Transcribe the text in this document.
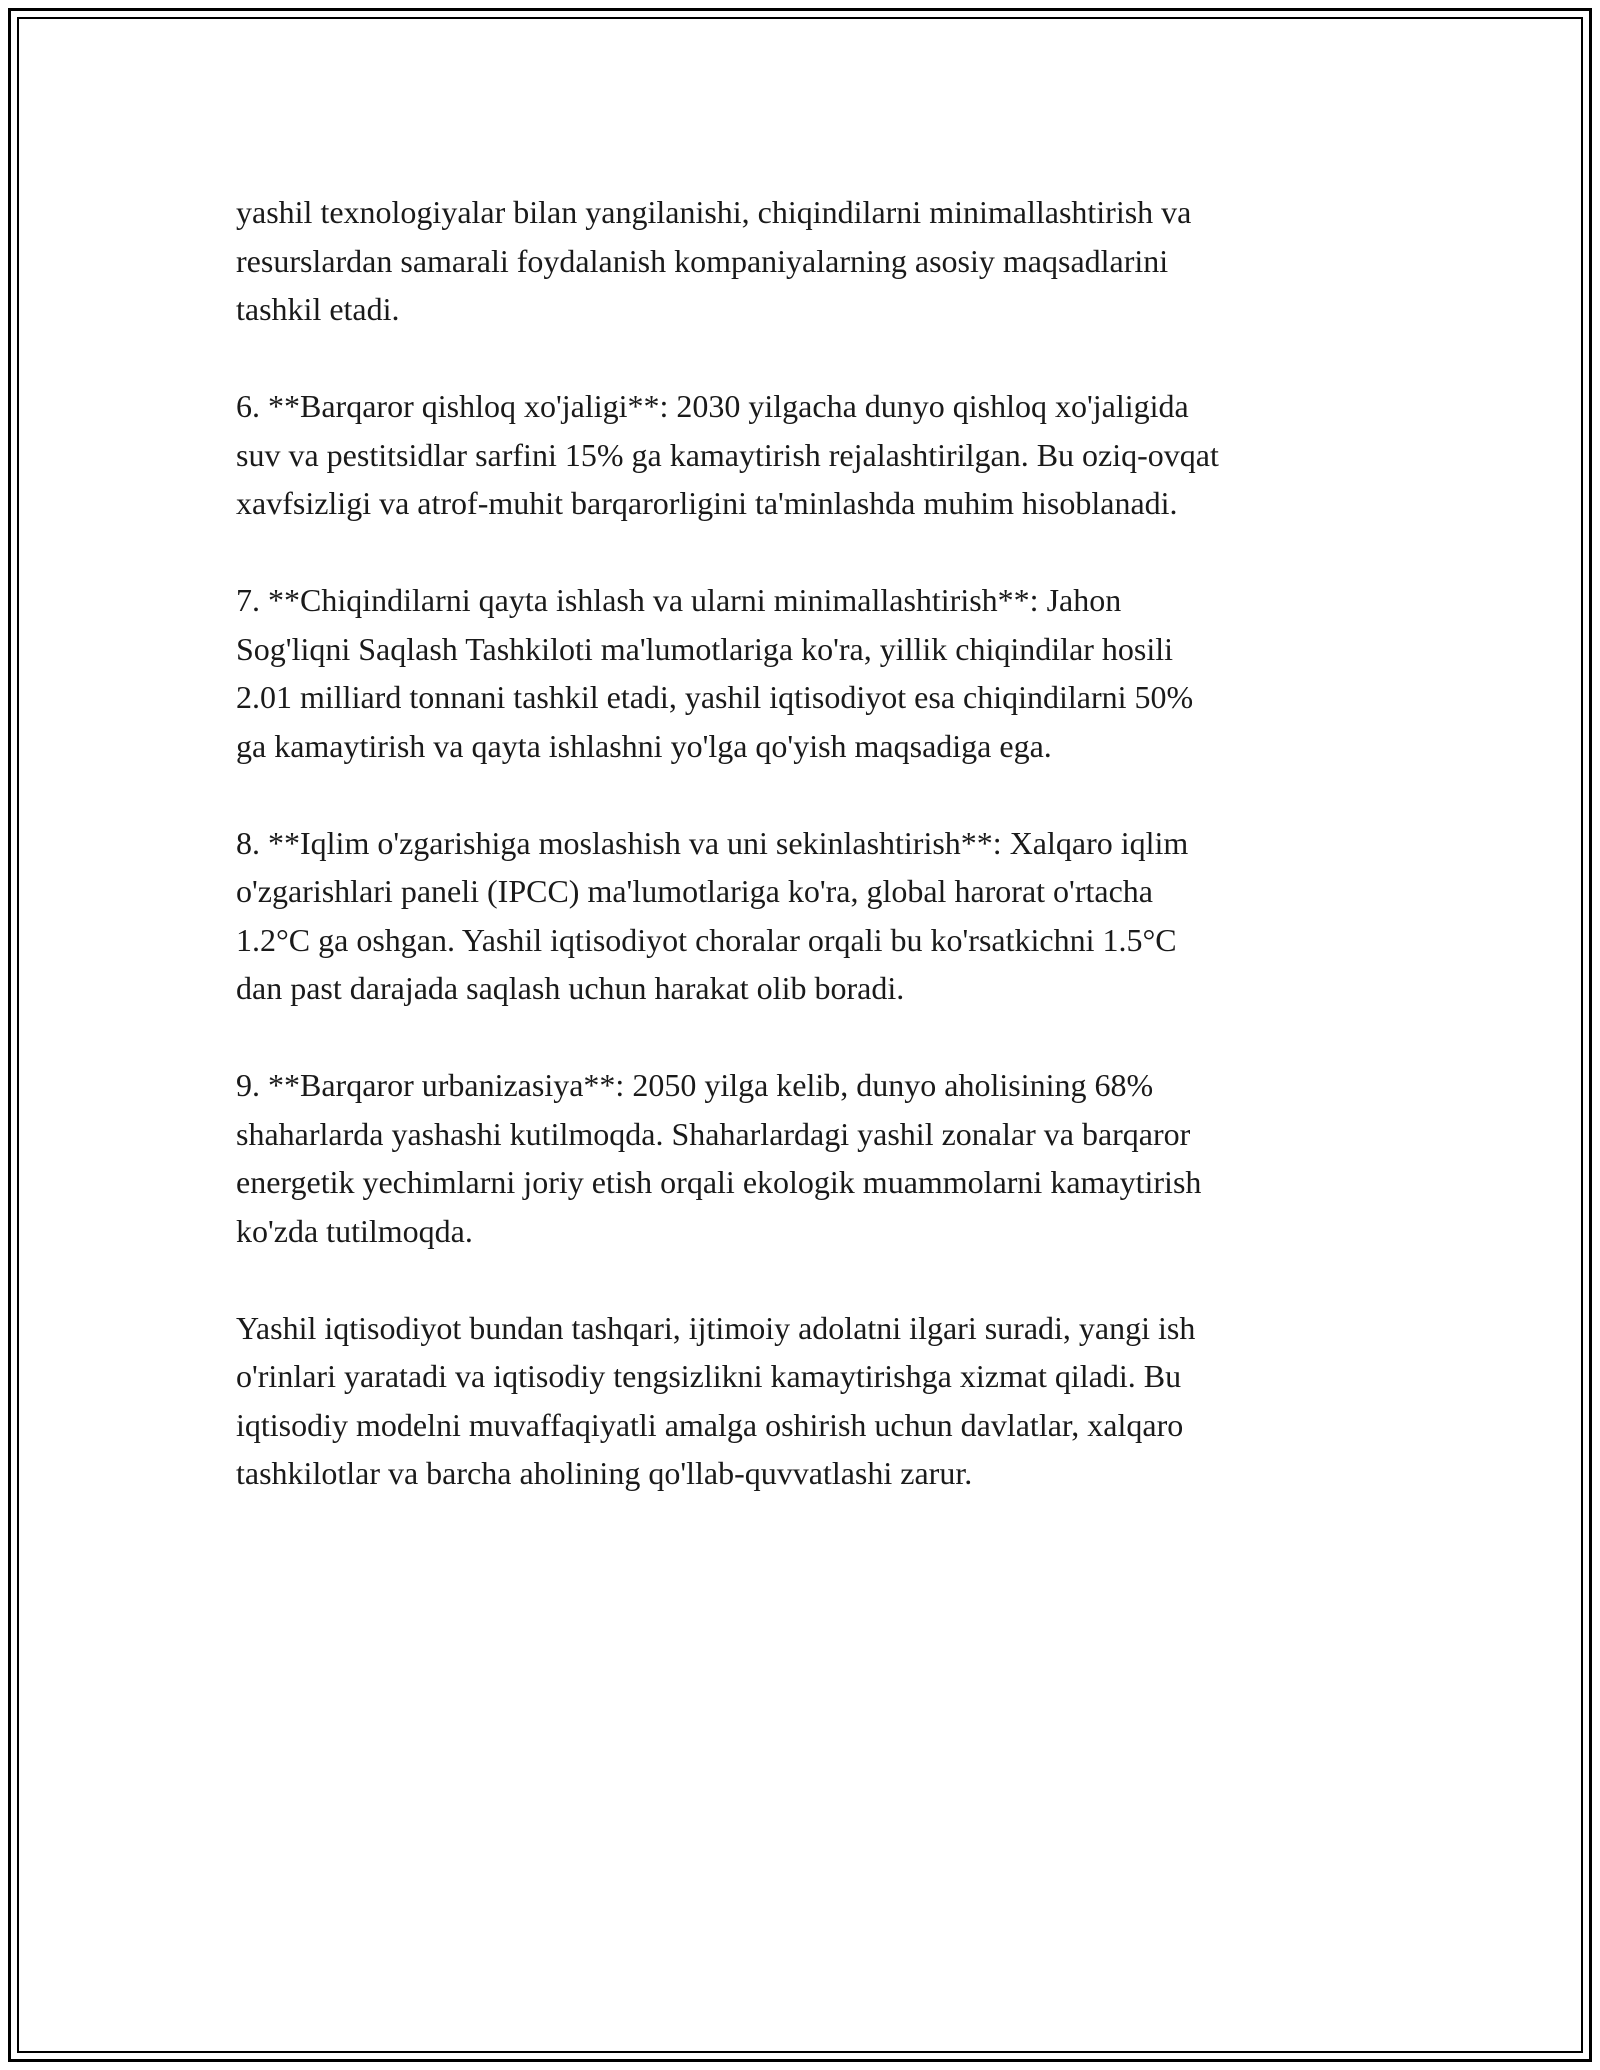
yashil texnologiyalar bilan yangilanishi, chiqindilarni minimallashtirish va
resurslardan samarali foydalanish kompaniyalarning asosiy maqsadlarini
tashkil etadi.

6. **Barqaror qishloq xo'jaligi**: 2030 yilgacha dunyo qishloq xo'jaligida
suv va pestitsidlar sarfini 15% ga kamaytirish rejalashtirilgan. Bu oziq-ovqat
xavfsizligi va atrof-muhit barqarorligini ta'minlashda muhim hisoblanadi.

7. **Chiqindilarni qayta ishlash va ularni minimallashtirish**: Jahon
Sog'liqni Saqlash Tashkiloti ma'lumotlariga ko'ra, yillik chiqindilar hosili
2.01 milliard tonnani tashkil etadi, yashil iqtisodiyot esa chiqindilarni 50%
ga kamaytirish va qayta ishlashni yo'lga qo'yish maqsadiga ega.

8. **Iqlim o'zgarishiga moslashish va uni sekinlashtirish**: Xalqaro iqlim
o'zgarishlari paneli (IPCC) ma'lumotlariga ko'ra, global harorat o'rtacha
1.2°C ga oshgan. Yashil iqtisodiyot choralar orqali bu ko'rsatkichni 1.5°C
dan past darajada saqlash uchun harakat olib boradi.

9. **Barqaror urbanizasiya**: 2050 yilga kelib, dunyo aholisining 68%
shaharlarda yashashi kutilmoqda. Shaharlardagi yashil zonalar va barqaror
energetik yechimlarni joriy etish orqali ekologik muammolarni kamaytirish
ko'zda tutilmoqda.

Yashil iqtisodiyot bundan tashqari, ijtimoiy adolatni ilgari suradi, yangi ish
o'rinlari yaratadi va iqtisodiy tengsizlikni kamaytirishga xizmat qiladi. Bu
iqtisodiy modelni muvaffaqiyatli amalga oshirish uchun davlatlar, xalqaro
tashkilotlar va barcha aholining qo'llab-quvvatlashi zarur.
